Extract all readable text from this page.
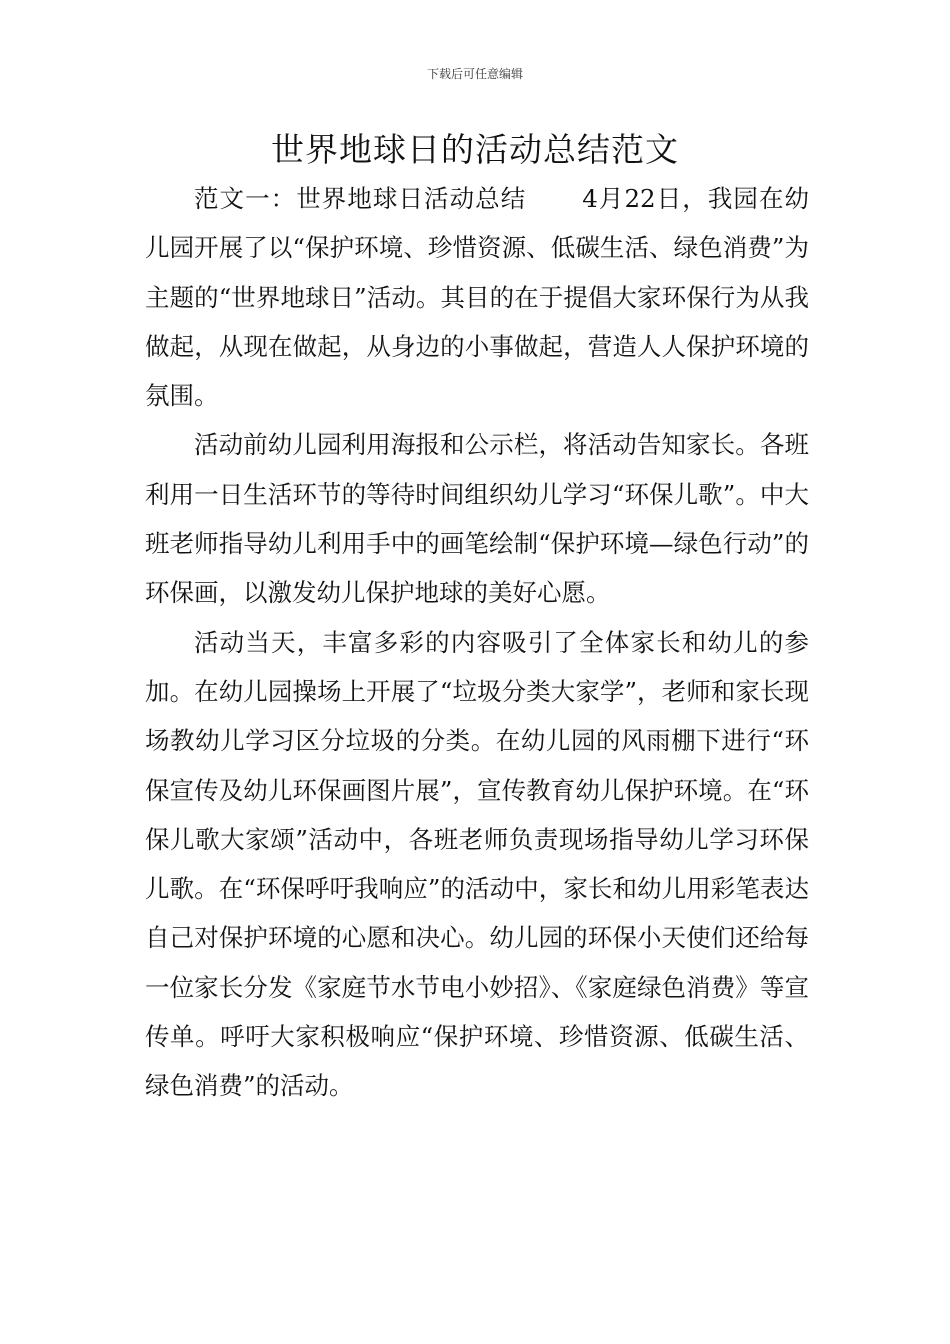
下载后可任意编辑
世界地球日的活动总结范文

范文一：世界地球日活动总结 4月22日，我园在幼儿园开展了以“保护环境、珍惜资源、低碳生活、绿色消费”为主题的“世界地球日”活动。其目的在于提倡大家环保行为从我做起，从现在做起，从身边的小事做起，营造人人保护环境的氛围。

活动前幼儿园利用海报和公示栏，将活动告知家长。各班利用一日生活环节的等待时间组织幼儿学习“环保儿歌”。中大班老师指导幼儿利用手中的画笔绘制“保护环境—绿色行动”的环保画，以激发幼儿保护地球的美好心愿。

活动当天，丰富多彩的内容吸引了全体家长和幼儿的参加。在幼儿园操场上开展了“垃圾分类大家学”，老师和家长现场教幼儿学习区分垃圾的分类。在幼儿园的风雨棚下进行“环保宣传及幼儿环保画图片展”，宣传教育幼儿保护环境。在“环保儿歌大家颂”活动中，各班老师负责现场指导幼儿学习环保儿歌。在“环保呼吁我响应”的活动中，家长和幼儿用彩笔表达自己对保护环境的心愿和决心。幼儿园的环保小天使们还给每一位家长分发《家庭节水节电小妙招》、《家庭绿色消费》等宣传单。呼吁大家积极响应“保护环境、珍惜资源、低碳生活、绿色消费”的活动。
